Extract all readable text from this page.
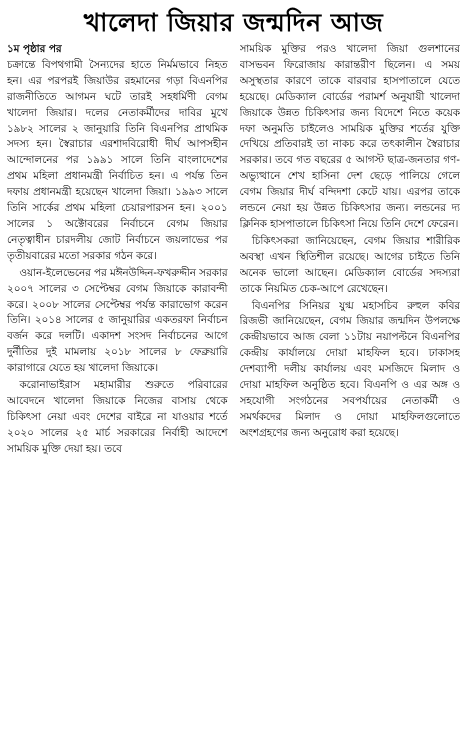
খালেদা জিয়ার জন্মদিন আজ
১ম পৃষ্ঠার পর

চক্রান্তে বিপথগামী সৈন্যদের হাতে নির্মমভাবে নিহত হন। এর পরপরই জিয়াউর রহমানের গড়া বিএনপির রাজনীতিতে আগমন ঘটে তারই সহধর্মিণী বেগম খালেদা জিয়ার। দলের নেতাকর্মীদের দাবির মুখে ১৯৮২ সালের ২ জানুয়ারি তিনি বিএনপির প্রাথমিক সদস্য হন। স্বৈরাচার এরশাদবিরোধী দীর্ঘ আপসহীন আন্দোলনের পর ১৯৯১ সালে তিনি বাংলাদেশের প্রথম মহিলা প্রধানমন্ত্রী নির্বাচিত হন। এ পর্যন্ত তিন দফায় প্রধানমন্ত্রী হয়েছেন খালেদা জিয়া। ১৯৯৩ সালে তিনি সার্কের প্রথম মহিলা চেয়ারপারসন হন। ২০০১ সালের ১ অক্টোবরের নির্বাচনে বেগম জিয়ার নেতৃত্বাধীন চারদলীয় জোট নির্বাচনে জয়লাভের পর তৃতীয়বারের মতো সরকার গঠন করে।

ওয়ান-ইলেভেনের পর মঈনউদ্দিন-ফখরুদ্দীন সরকার ২০০৭ সালের ৩ সেপ্টেম্বর বেগম জিয়াকে কারাবন্দী করে। ২০০৮ সালের সেপ্টেম্বর পর্যন্ত কারাভোগ করেন তিনি। ২০১৪ সালের ৫ জানুয়ারির একতরফা নির্বাচন বর্জন করে দলটি। একাদশ সংসদ নির্বাচনের আগে দুর্নীতির দুই মামলায় ২০১৮ সালের ৮ ফেব্রুয়ারি কারাগারে যেতে হয় খালেদা জিয়াকে।

করোনাভাইরাস মহামারীর শুরুতে পরিবারের আবেদনে খালেদা জিয়াকে নিজের বাসায় থেকে চিকিৎসা নেয়া এবং দেশের বাইরে না যাওয়ার শর্তে ২০২০ সালের ২৫ মার্চ সরকারের নির্বাহী আদেশে সাময়িক মুক্তি দেয়া হয়। তবে

সাময়িক মুক্তির পরও খালেদা জিয়া গুলশানের বাসভবন ফিরোজায় কারান্তরীণ ছিলেন। এ সময় অসুস্থতার কারণে তাকে বারবার হাসপাতালে যেতে হয়েছে। মেডিক্যাল বোর্ডের পরামর্শ অনুযায়ী খালেদা জিয়াকে উন্নত চিকিৎসার জন্য বিদেশে নিতে কয়েক দফা অনুমতি চাইলেও সাময়িক মুক্তির শর্তের যুক্তি দেখিয়ে প্রতিবারই তা নাকচ করে তৎকালীন স্বৈরাচার সরকার। তবে গত বছরের ৫ আগস্ট ছাত্র-জনতার গণ-অভ্যুত্থানে শেখ হাসিনা দেশ ছেড়ে পালিয়ে গেলে বেগম জিয়ার দীর্ঘ বন্দিদশা কেটে যায়। এরপর তাকে লন্ডনে নেয়া হয় উন্নত চিকিৎসার জন্য। লন্ডনের দ্য ক্লিনিক হাসপাতালে চিকিৎসা নিয়ে তিনি দেশে ফেরেন।

চিকিৎসকরা জানিয়েছেন, বেগম জিয়ার শারীরিক অবস্থা এখন স্থিতিশীল রয়েছে। আগের চাইতে তিনি অনেক ভালো আছেন। মেডিক্যাল বোর্ডের সদস্যরা তাকে নিয়মিত চেক-আপে রেখেছেন।

বিএনপির সিনিয়র যুগ্ম মহাসচিব রুহুল কবির রিজভী জানিয়েছেন, বেগম জিয়ার জন্মদিন উপলক্ষে কেন্দ্রীয়ভাবে আজ বেলা ১১টায় নয়াপল্টনে বিএনপির কেন্দ্রীয় কার্যালয়ে দোয়া মাহফিল হবে। ঢাকাসহ দেশব্যাপী দলীয় কার্যালয় এবং মসজিদে মিলাদ ও দোয়া মাহফিল অনুষ্ঠিত হবে। বিএনপি ও এর অঙ্গ ও সহযোগী সংগঠনের সবপর্যায়ের নেতাকর্মী ও সমর্থকদের মিলাদ ও দোয়া মাহফিলগুলোতে অংশগ্রহণের জন্য অনুরোধ করা হয়েছে।
